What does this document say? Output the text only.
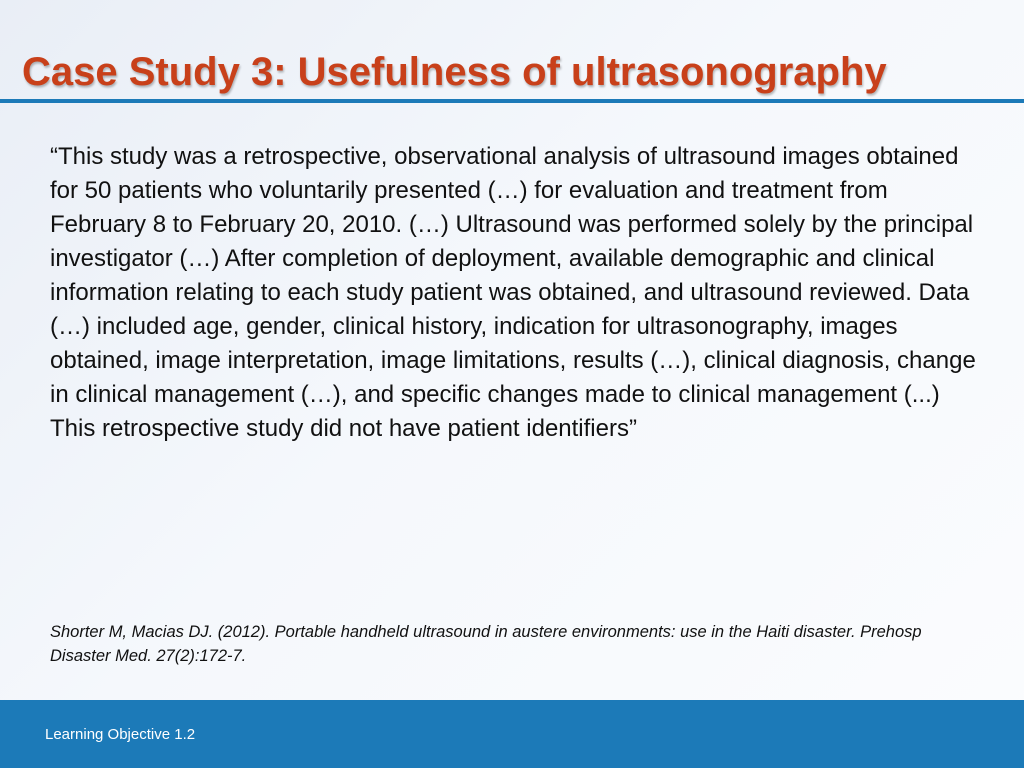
Case Study 3: Usefulness of ultrasonography

“This study was a retrospective, observational analysis of ultrasound images obtained for 50 patients who voluntarily presented (…) for evaluation and treatment from February 8 to February 20, 2010. (…) Ultrasound was performed solely by the principal investigator (…) After completion of deployment, available demographic and clinical information relating to each study patient was obtained, and ultrasound reviewed. Data (…) included age, gender, clinical history, indication for ultrasonography, images obtained, image interpretation, image limitations, results (…), clinical diagnosis, change in clinical management (…), and specific changes made to clinical management (...) This retrospective study did not have patient identifiers”

Shorter M, Macias DJ. (2012). Portable handheld ultrasound in austere environments: use in the Haiti disaster. Prehosp Disaster Med. 27(2):172-7.

Learning Objective 1.2
